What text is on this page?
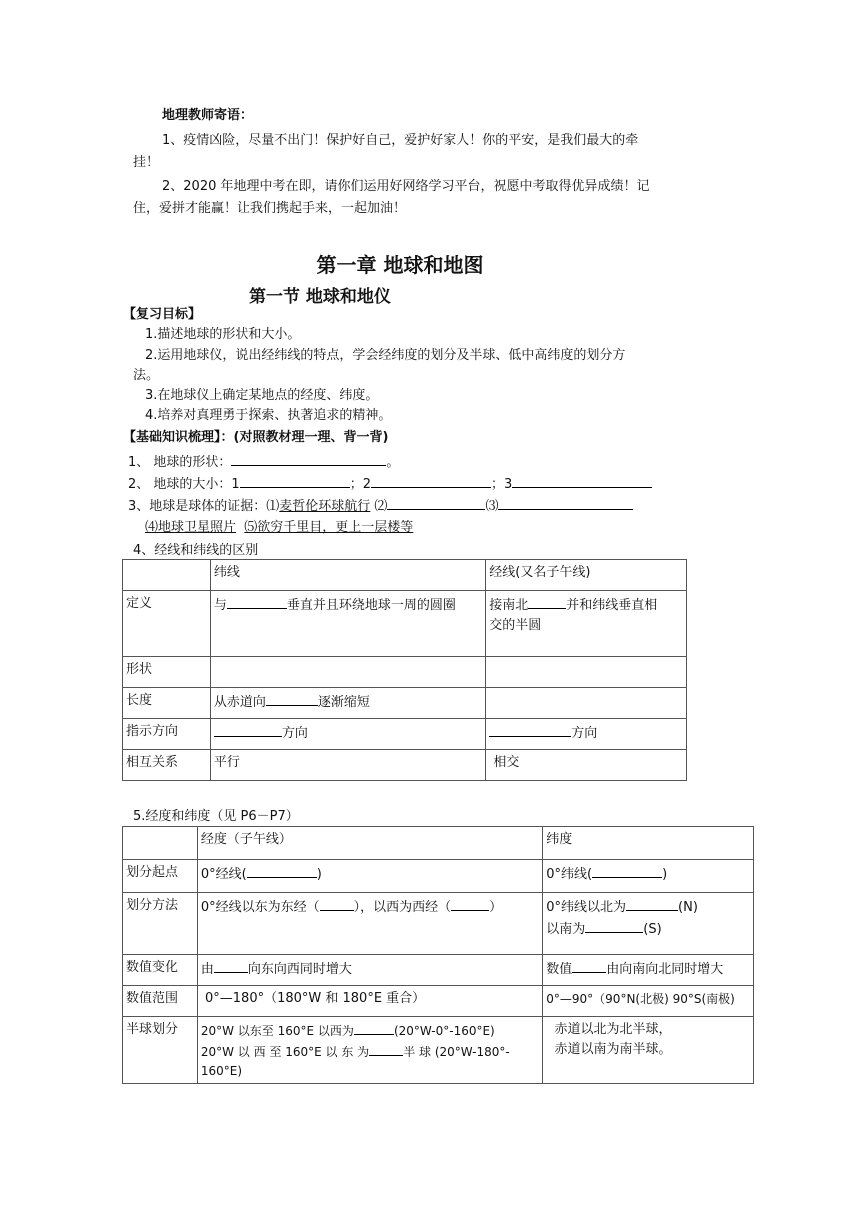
地理教师寄语：
1、疫情凶险，尽量不出门！保护好自己，爱护好家人！你的平安，是我们最大的牵
挂！
2、2020 年地理中考在即，请你们运用好网络学习平台，祝愿中考取得优异成绩！记
住，爱拼才能赢！让我们携起手来，一起加油！
第一章 地球和地图
第一节 地球和地仪
【复习目标】
1.描述地球的形状和大小。
2.运用地球仪，说出经纬线的特点，学会经纬度的划分及半球、低中高纬度的划分方
法。
3.在地球仪上确定某地点的经度、纬度。
4.培养对真理勇于探索、执著追求的精神。
【基础知识梳理】：(对照教材理一理、背一背)
1、 地球的形状：	。
2、 地球的大小：1	；2	；3
3、地球是球体的证据：⑴麦哲伦环球航行 ⑵	⑶
⑷地球卫星照片 ⑸欲穷千里目，更上一层楼等
4、经线和纬线的区别
	纬线	经线(又名子午线)
定义	与 垂直并且环绕地球一周的圆圈	接南北 并和纬线垂直相
交的半圆
形状		
长度	从赤道向 逐渐缩短	
指示方向	方向	方向
相互关系	平行	相交
5.经度和纬度（见 P6－P7）
	经度（子午线）	纬度
划分起点	0°经线( )	0°纬线( )
划分方法	0°经线以东为东经（ ），以西为西经（ ）	0°纬线以北为 (N)
以南为 (S)
数值变化	由 向东向西同时增大	数值 由向南向北同时增大
数值范围	0°—180°（180°W 和 180°E 重合）	0°—90°（90°N(北极) 90°S(南极)
半球划分	20°W 以东至 160°E 以西为 (20°W-0°-160°E)
20°W 以 西 至 160°E 以 东 为 半 球 (20°W-180°-
160°E)	赤道以北为北半球，
赤道以南为南半球。
